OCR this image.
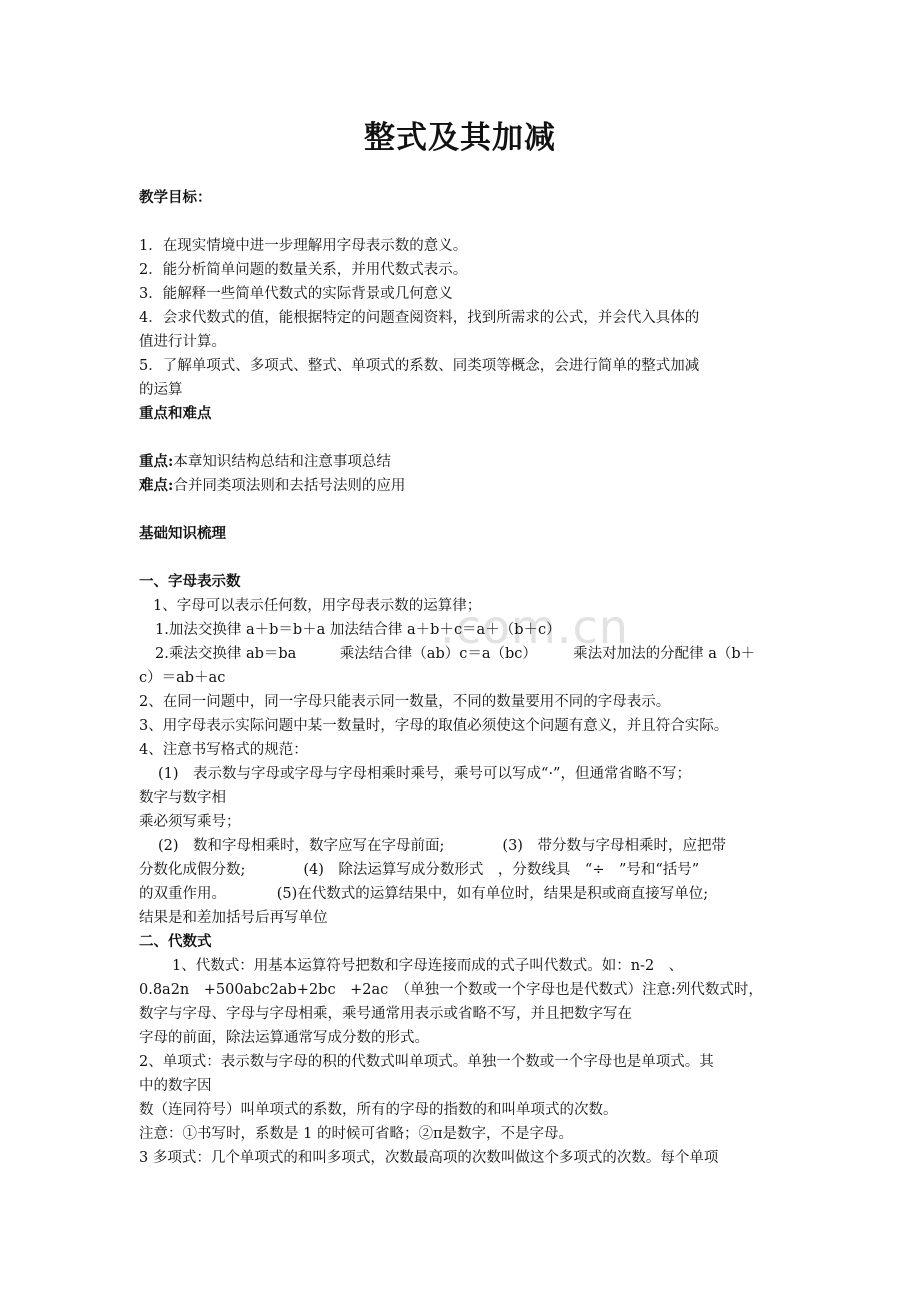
.com.cn
整式及其加减
教学目标：
1．在现实情境中进一步理解用字母表示数的意义。
2．能分析简单问题的数量关系，并用代数式表示。
3．能解释一些简单代数式的实际背景或几何意义
4．会求代数式的值，能根据特定的问题查阅资料，找到所需求的公式，并会代入具体的
值进行计算。
5．了解单项式、多项式、整式、单项式的系数、同类项等概念，会进行简单的整式加减
的运算
重点和难点
重点:本章知识结构总结和注意事项总结
难点:合并同类项法则和去括号法则的应用
基础知识梳理
一、字母表示数
1、字母可以表示任何数，用字母表示数的运算律；
1.加法交换律 a＋b＝b＋a 加法结合律 a＋b＋c＝a＋（b＋c）
2.乘法交换律 ab＝ba　　　乘法结合律（ab）c＝a（bc）　　　乘法对加法的分配律 a（b＋
c）＝ab＋ac
2、在同一问题中，同一字母只能表示同一数量，不同的数量要用不同的字母表示。
3、用字母表示实际问题中某一数量时，字母的取值必须使这个问题有意义，并且符合实际。
4、注意书写格式的规范：
(1)　表示数与字母或字母与字母相乘时乘号，乘号可以写成“·”，但通常省略不写；
数字与数字相
乘必须写乘号；
(2)　数和字母相乘时，数字应写在字母前面;　　　　(3)　带分数与字母相乘时，应把带
分数化成假分数;　　　　(4)　除法运算写成分数形式　，分数线具　“÷　”号和“括号”
的双重作用。　　　　(5)在代数式的运算结果中，如有单位时，结果是积或商直接写单位;
结果是和差加括号后再写单位
二、代数式
1、代数式：用基本运算符号把数和字母连接而成的式子叫代数式。如：n-2　、
0.8a2n　+500abc2ab+2bc　+2ac　（单独一个数或一个字母也是代数式）注意:列代数式时，
数字与字母、字母与字母相乘，乘号通常用表示或省略不写，并且把数字写在
字母的前面，除法运算通常写成分数的形式。
2、单项式：表示数与字母的积的代数式叫单项式。单独一个数或一个字母也是单项式。其
中的数字因
数（连同符号）叫单项式的系数，所有的字母的指数的和叫单项式的次数。
注意：①书写时，系数是 1 的时候可省略；②π是数字，不是字母。
3 多项式：几个单项式的和叫多项式，次数最高项的次数叫做这个多项式的次数。每个单项
